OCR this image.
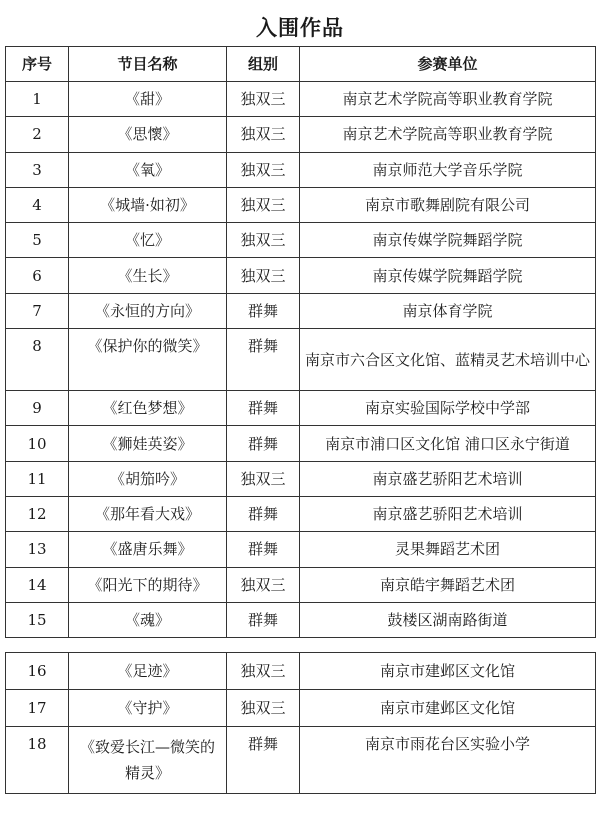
入围作品
序号	节目名称	组别	参赛单位
1	《甜》	独双三	南京艺术学院高等职业教育学院
2	《思懷》	独双三	南京艺术学院高等职业教育学院
3	《氧》	独双三	南京师范大学音乐学院
4	《城墙·如初》	独双三	南京市歌舞剧院有限公司
5	《忆》	独双三	南京传媒学院舞蹈学院
6	《生长》	独双三	南京传媒学院舞蹈学院
7	《永恒的方向》	群舞	南京体育学院
8	《保护你的微笑》	群舞	南京市六合区文化馆、蓝精灵艺术培训中心
9	《红色梦想》	群舞	南京实验国际学校中学部
10	《狮娃英姿》	群舞	南京市浦口区文化馆 浦口区永宁街道
11	《胡笳吟》	独双三	南京盛艺骄阳艺术培训
12	《那年看大戏》	群舞	南京盛艺骄阳艺术培训
13	《盛唐乐舞》	群舞	灵果舞蹈艺术团
14	《阳光下的期待》	独双三	南京皓宇舞蹈艺术团
15	《魂》	群舞	鼓楼区湖南路街道
16	《足迹》	独双三	南京市建邺区文化馆
17	《守护》	独双三	南京市建邺区文化馆
18	《致爱长江—微笑的精灵》	群舞	南京市雨花台区实验小学
